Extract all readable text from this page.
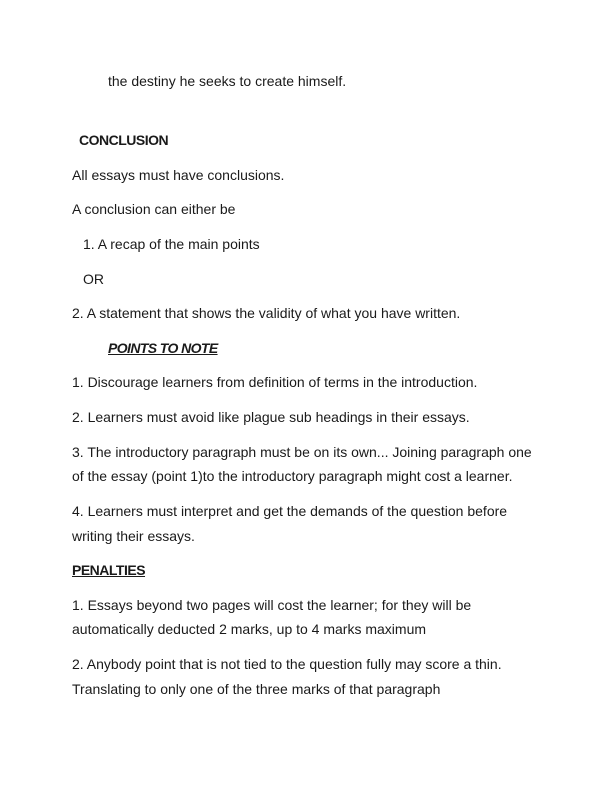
the destiny he seeks to create himself.

CONCLUSION

All essays must have conclusions.

A conclusion can either be

1. A recap of the main points

OR

2. A statement that shows the validity of what you have written.

POINTS TO NOTE

1. Discourage learners from definition of terms in the introduction.

2. Learners must avoid like plague sub headings in their essays.

3. The introductory paragraph must be on its own... Joining paragraph one

of the essay (point 1)to the introductory paragraph might cost a learner.

4. Learners must interpret and get the demands of the question before

writing their essays.

PENALTIES

1. Essays beyond two pages will cost the learner; for they will be

automatically deducted 2 marks, up to 4 marks maximum

2. Anybody point that is not tied to the question fully may score a thin.

Translating to only one of the three marks of that paragraph
